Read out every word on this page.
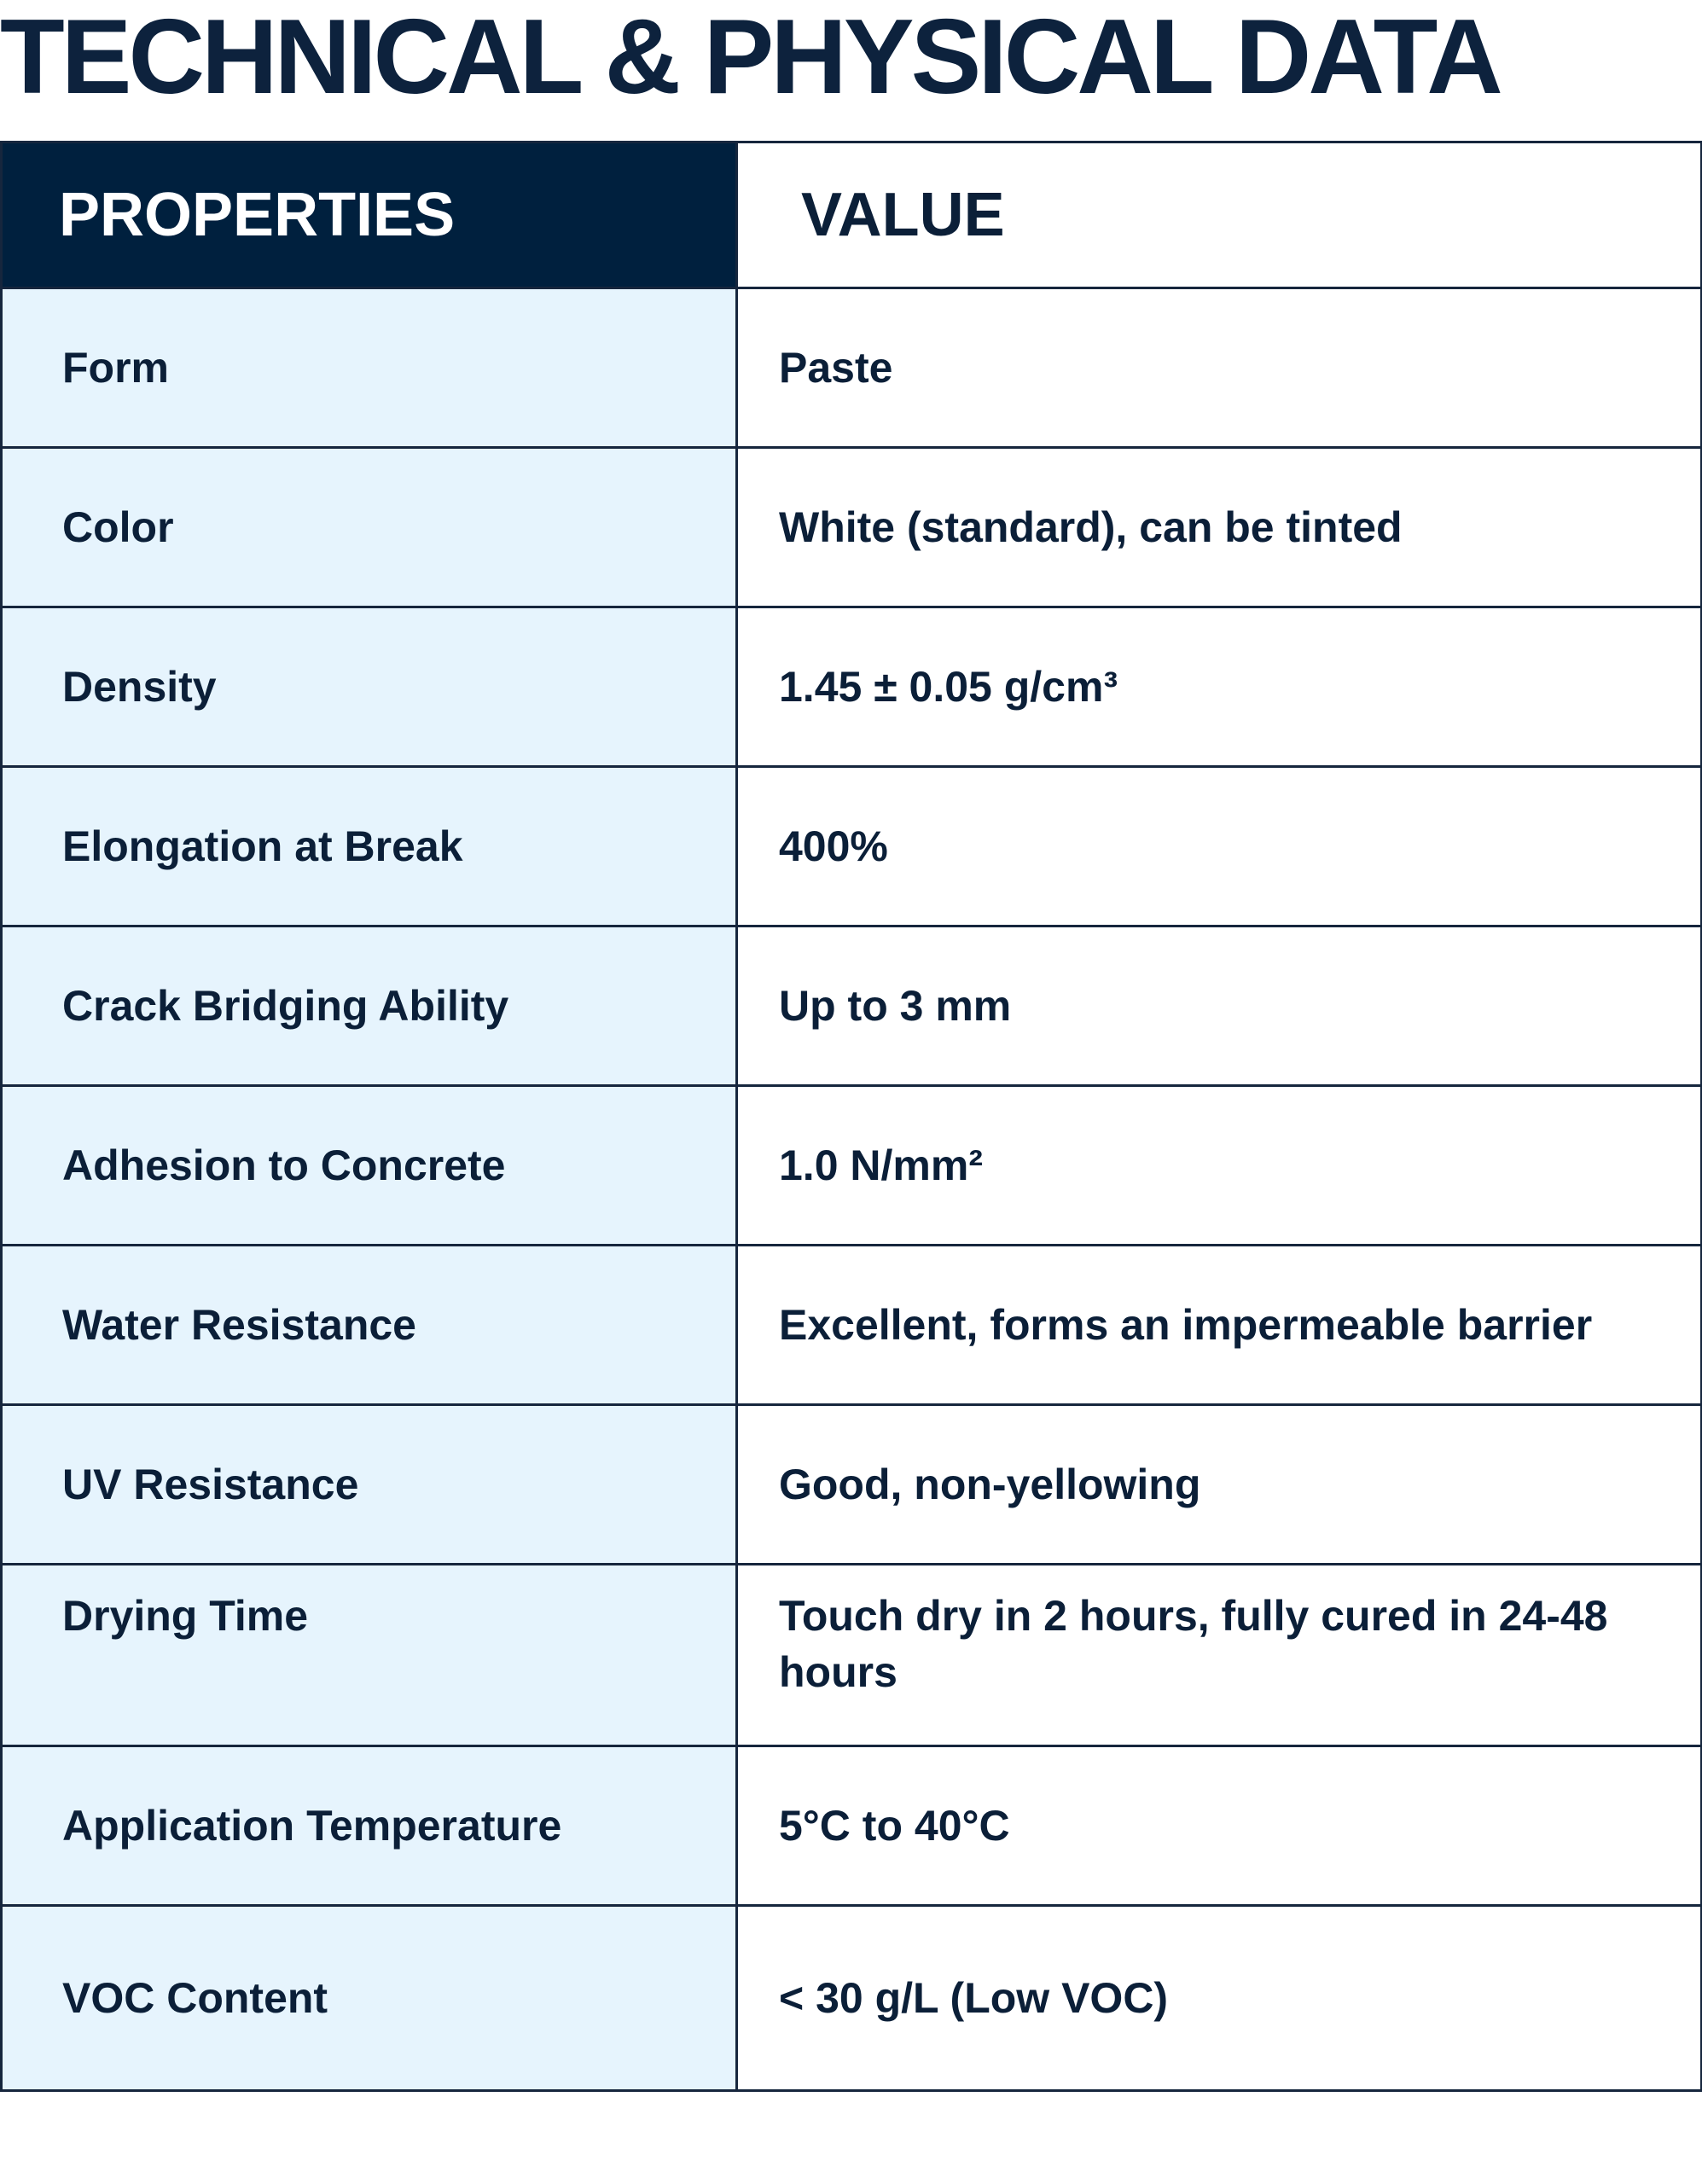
TECHNICAL & PHYSICAL DATA
PROPERTIES	VALUE
Form	Paste
Color	White (standard), can be tinted
Density	1.45 ± 0.05 g/cm³
Elongation at Break	400%
Crack Bridging Ability	Up to 3 mm
Adhesion to Concrete	1.0 N/mm²
Water Resistance	Excellent, forms an impermeable barrier
UV Resistance	Good, non-yellowing
Drying Time	Touch dry in 2 hours, fully cured in 24-48 hours
Application Temperature	5°C to 40°C
VOC Content	< 30 g/L (Low VOC)
